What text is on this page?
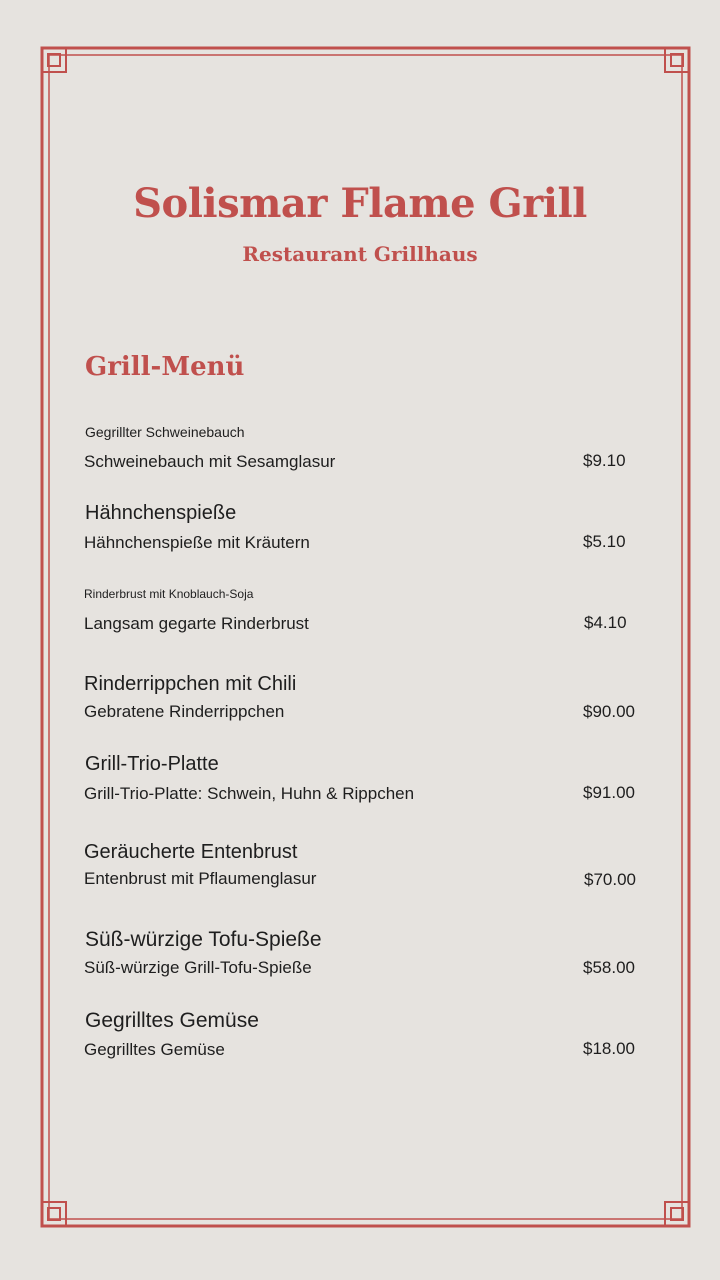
Solismar Flame Grill
Restaurant Grillhaus
Grill-Menü

Gegrillter Schweinebauch

Schweinebauch mit Sesamglasur	$9.10

Hähnchenspieße

Hähnchenspieße mit Kräutern	$5.10

Rinderbrust mit Knoblauch-Soja

Langsam gegarte Rinderbrust	$4.10

Rinderrippchen mit Chili

Gebratene Rinderrippchen	$90.00

Grill-Trio-Platte

Grill-Trio-Platte: Schwein, Huhn & Rippchen	$91.00

Geräucherte Entenbrust

Entenbrust mit Pflaumenglasur	$70.00

Süß-würzige Tofu-Spieße

Süß-würzige Grill-Tofu-Spieße	$58.00

Gegrilltes Gemüse

Gegrilltes Gemüse	$18.00
